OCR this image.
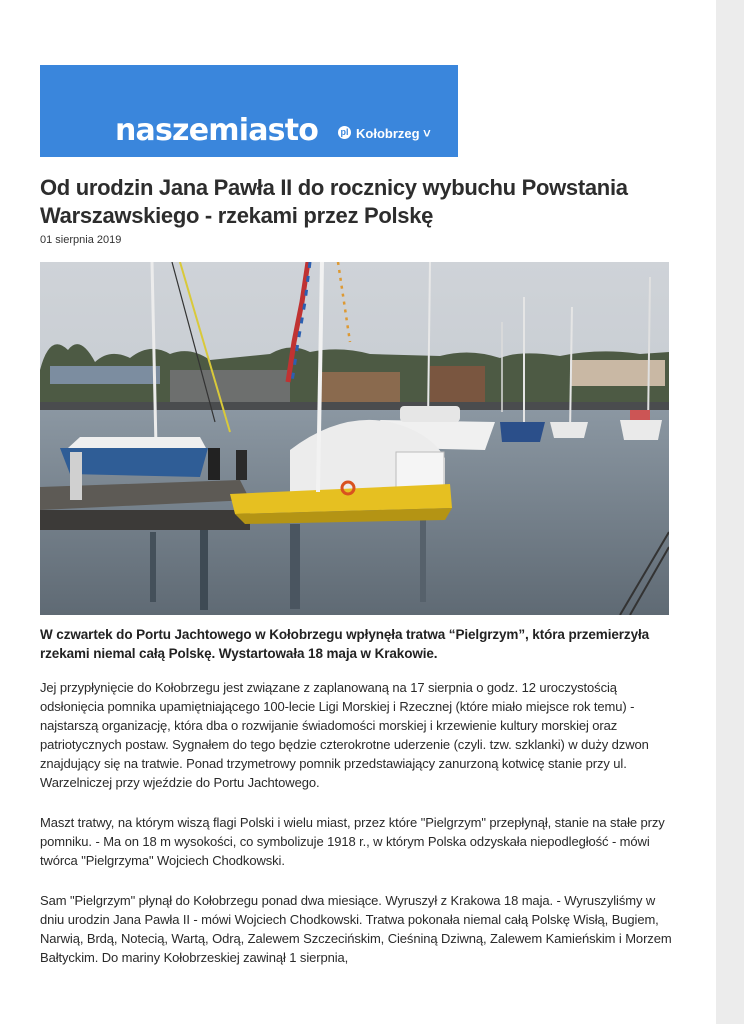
naszemiasto pl Kołobrzeg ˅
Od urodzin Jana Pawła II do rocznicy wybuchu Powstania Warszawskiego - rzekami przez Polskę
01 sierpnia 2019

W czwartek do Portu Jachtowego w Kołobrzegu wpłynęła tratwa “Pielgrzym”, która przemierzyła rzekami niemal całą Polskę. Wystartowała 18 maja w Krakowie.

Jej przypłynięcie do Kołobrzegu jest związane z zaplanowaną na 17 sierpnia o godz. 12 uroczystością odsłonięcia pomnika upamiętniającego 100-lecie Ligi Morskiej i Rzecznej (które miało miejsce rok temu) - najstarszą organizację, która dba o rozwijanie świadomości morskiej i krzewienie kultury morskiej oraz patriotycznych postaw. Sygnałem do tego będzie czterokrotne uderzenie (czyli. tzw. szklanki) w duży dzwon znajdujący się na tratwie. Ponad trzymetrowy pomnik przedstawiający zanurzoną kotwicę stanie przy ul. Warzelniczej przy wjeździe do Portu Jachtowego.

Maszt tratwy, na którym wiszą flagi Polski i wielu miast, przez które "Pielgrzym" przepłynął, stanie na stałe przy pomniku. - Ma on 18 m wysokości, co symbolizuje 1918 r., w którym Polska odzyskała niepodległość - mówi twórca "Pielgrzyma" Wojciech Chodkowski.

Sam "Pielgrzym" płynął do Kołobrzegu ponad dwa miesiące. Wyruszył z Krakowa 18 maja. - Wyruszyliśmy w dniu urodzin Jana Pawła II - mówi Wojciech Chodkowski. Tratwa pokonała niemal całą Polskę Wisłą, Bugiem, Narwią, Brdą, Notecią, Wartą, Odrą, Zalewem Szczecińskim, Cieśniną Dziwną, Zalewem Kamieńskim i Morzem Bałtyckim. Do mariny Kołobrzeskiej zawinął 1 sierpnia,
